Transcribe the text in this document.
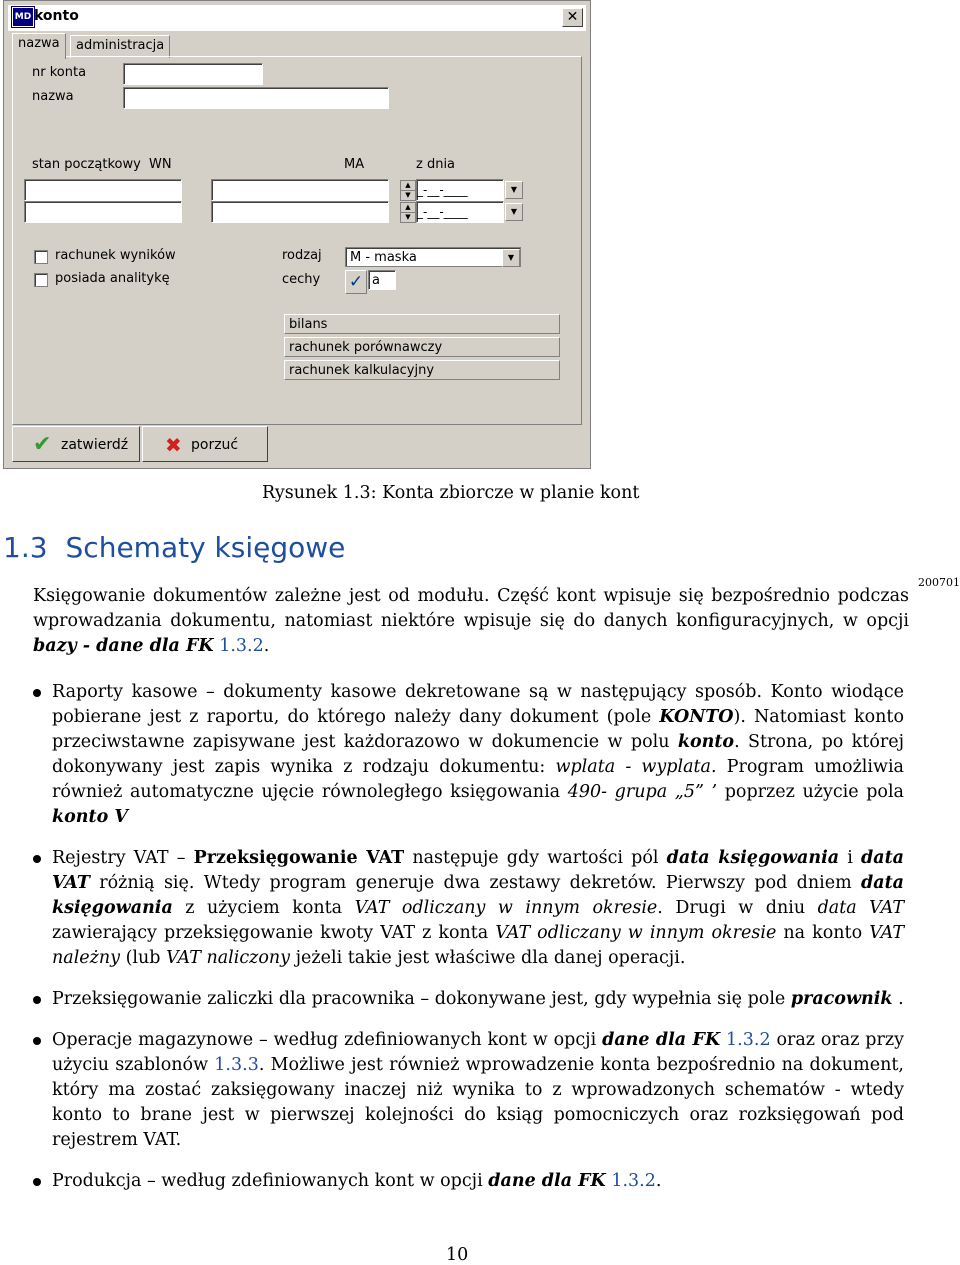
MD konto	✕
nazwa	administracja
nr konta
nazwa
stan początkowy WN	MA	z dnia
▲
▼ _-__-____	▼
▲
▼ _-__-____	▼
rachunek wyników
posiada analitykę
rodzaj	M - maska	▼
cechy ✓ a
bilans
rachunek porównawczy
rachunek kalkulacyjny
✔ zatwierdź ✖ porzuć
Rysunek 1.3: Konta zbiorcze w planie kont
1.3 Schematy księgowe
200701
Księgowanie dokumentów zależne jest od modułu. Część kont wpisuje się bezpośrednio podczas wprowadzania dokumentu, natomiast niektóre wpisuje się do danych konfiguracyjnych, w opcji bazy - dane dla FK 1.3.2.
Raporty kasowe – dokumenty kasowe dekretowane są w następujący sposób. Konto wiodące pobierane jest z raportu, do którego należy dany dokument (pole KONTO). Natomiast konto przeciwstawne zapisywane jest każdorazowo w dokumencie w polu konto. Strona, po której dokonywany jest zapis wynika z rodzaju dokumentu: wplata - wyplata. Program umożliwia również automatyczne ujęcie równoległego księgowania 490- grupa „5” ’ poprzez użycie pola konto V
Rejestry VAT – Przeksięgowanie VAT następuje gdy wartości pól data księgowania i data VAT różnią się. Wtedy program generuje dwa zestawy dekretów. Pierwszy pod dniem data księgowania z użyciem konta VAT odliczany w innym okresie. Drugi w dniu data VAT zawierający przeksięgowanie kwoty VAT z konta VAT odliczany w innym okresie na konto VAT należny (lub VAT naliczony jeżeli takie jest właściwe dla danej operacji.
Przeksięgowanie zaliczki dla pracownika – dokonywane jest, gdy wypełnia się pole pracownik .
Operacje magazynowe – według zdefiniowanych kont w opcji dane dla FK 1.3.2 oraz oraz przy użyciu szablonów 1.3.3. Możliwe jest również wprowadzenie konta bezpośrednio na dokument, który ma zostać zaksięgowany inaczej niż wynika to z wprowadzonych schematów - wtedy konto to brane jest w pierwszej kolejności do ksiąg pomocniczych oraz rozksięgowań pod rejestrem VAT.
Produkcja – według zdefiniowanych kont w opcji dane dla FK 1.3.2.
10
